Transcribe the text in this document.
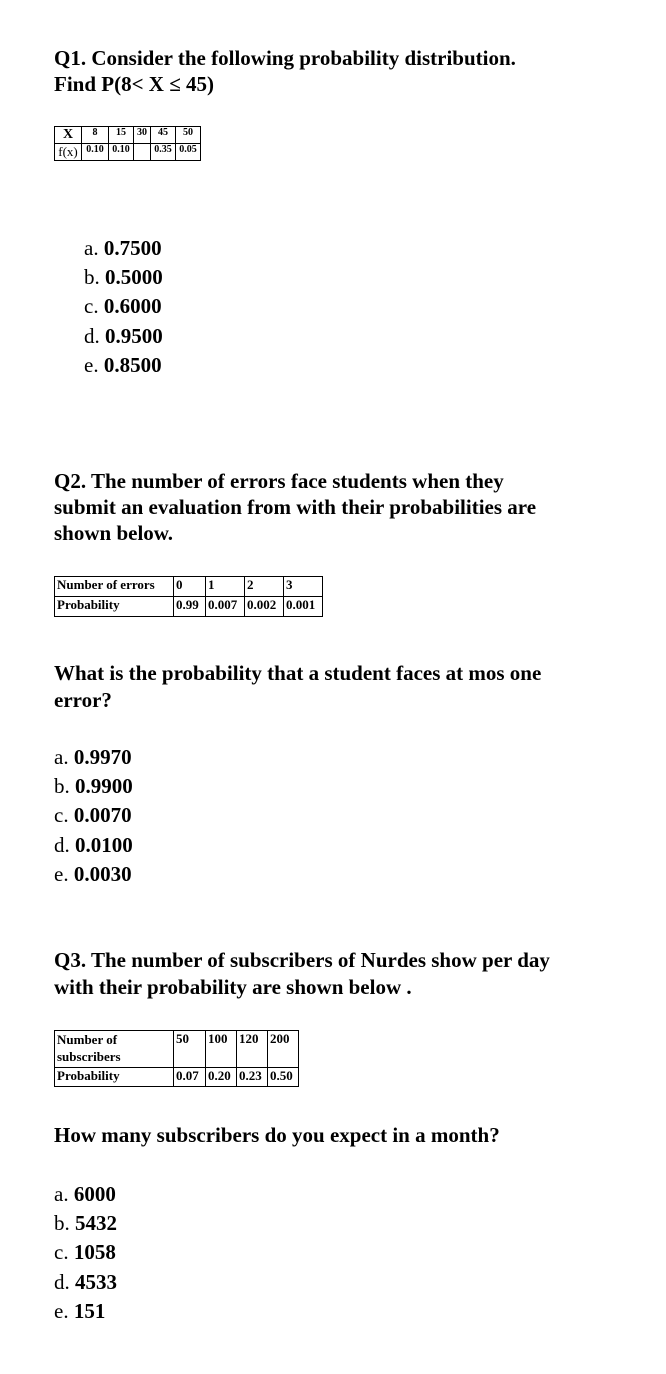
Q1. Consider the following probability distribution.
Find P(8< X ≤ 45)

X	8	15	30	45	50
f(x)	0.10	0.10		0.35	0.05
a. 0.7500
b. 0.5000
c. 0.6000
d. 0.9500
e. 0.8500

Q2. The number of errors face students when they
submit an evaluation from with their probabilities are
shown below.

Number of errors	0	1	2	3
Probability	0.99	0.007	0.002	0.001

What is the probability that a student faces at mos one
error?

a. 0.9970
b. 0.9900
c. 0.0070
d. 0.0100
e. 0.0030

Q3. The number of subscribers of Nurdes show per day
with their probability are shown below .

Number of
subscribers	50	100	120	200
Probability	0.07	0.20	0.23	0.50

How many subscribers do you expect in a month?

a. 6000
b. 5432
c. 1058
d. 4533
e. 151
